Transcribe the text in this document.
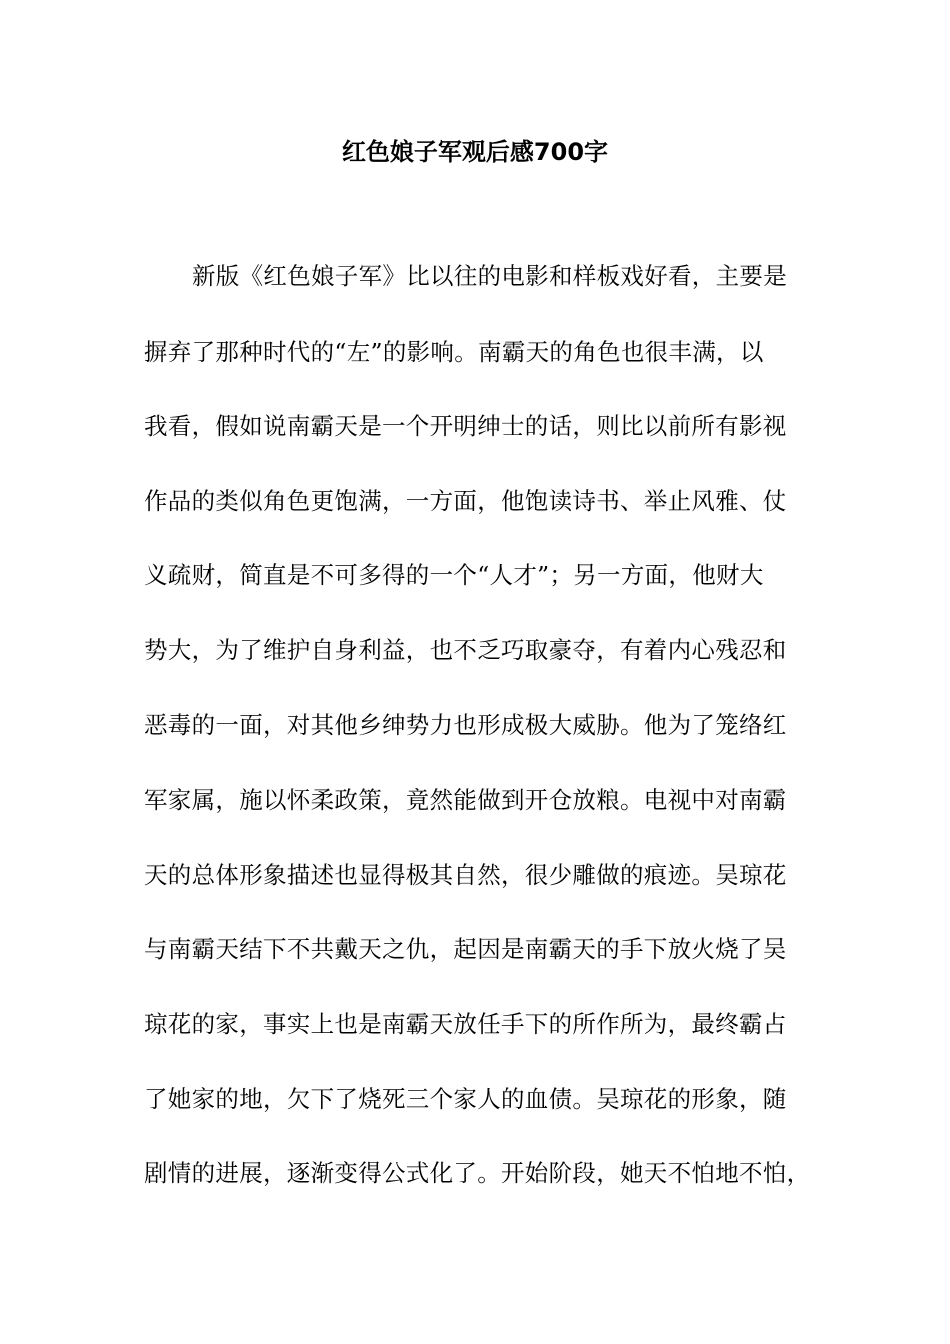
红色娘子军观后感700字
新版《红色娘子军》比以往的电影和样板戏好看，主要是
摒弃了那种时代的“左”的影响。南霸天的角色也很丰满，以
我看，假如说南霸天是一个开明绅士的话，则比以前所有影视
作品的类似角色更饱满，一方面，他饱读诗书、举止风雅、仗
义疏财，简直是不可多得的一个“人才”；另一方面，他财大
势大，为了维护自身利益，也不乏巧取豪夺，有着内心残忍和
恶毒的一面，对其他乡绅势力也形成极大威胁。他为了笼络红
军家属，施以怀柔政策，竟然能做到开仓放粮。电视中对南霸
天的总体形象描述也显得极其自然，很少雕做的痕迹。吴琼花
与南霸天结下不共戴天之仇，起因是南霸天的手下放火烧了吴
琼花的家，事实上也是南霸天放任手下的所作所为，最终霸占
了她家的地，欠下了烧死三个家人的血债。吴琼花的形象，随
剧情的进展，逐渐变得公式化了。开始阶段，她天不怕地不怕，
